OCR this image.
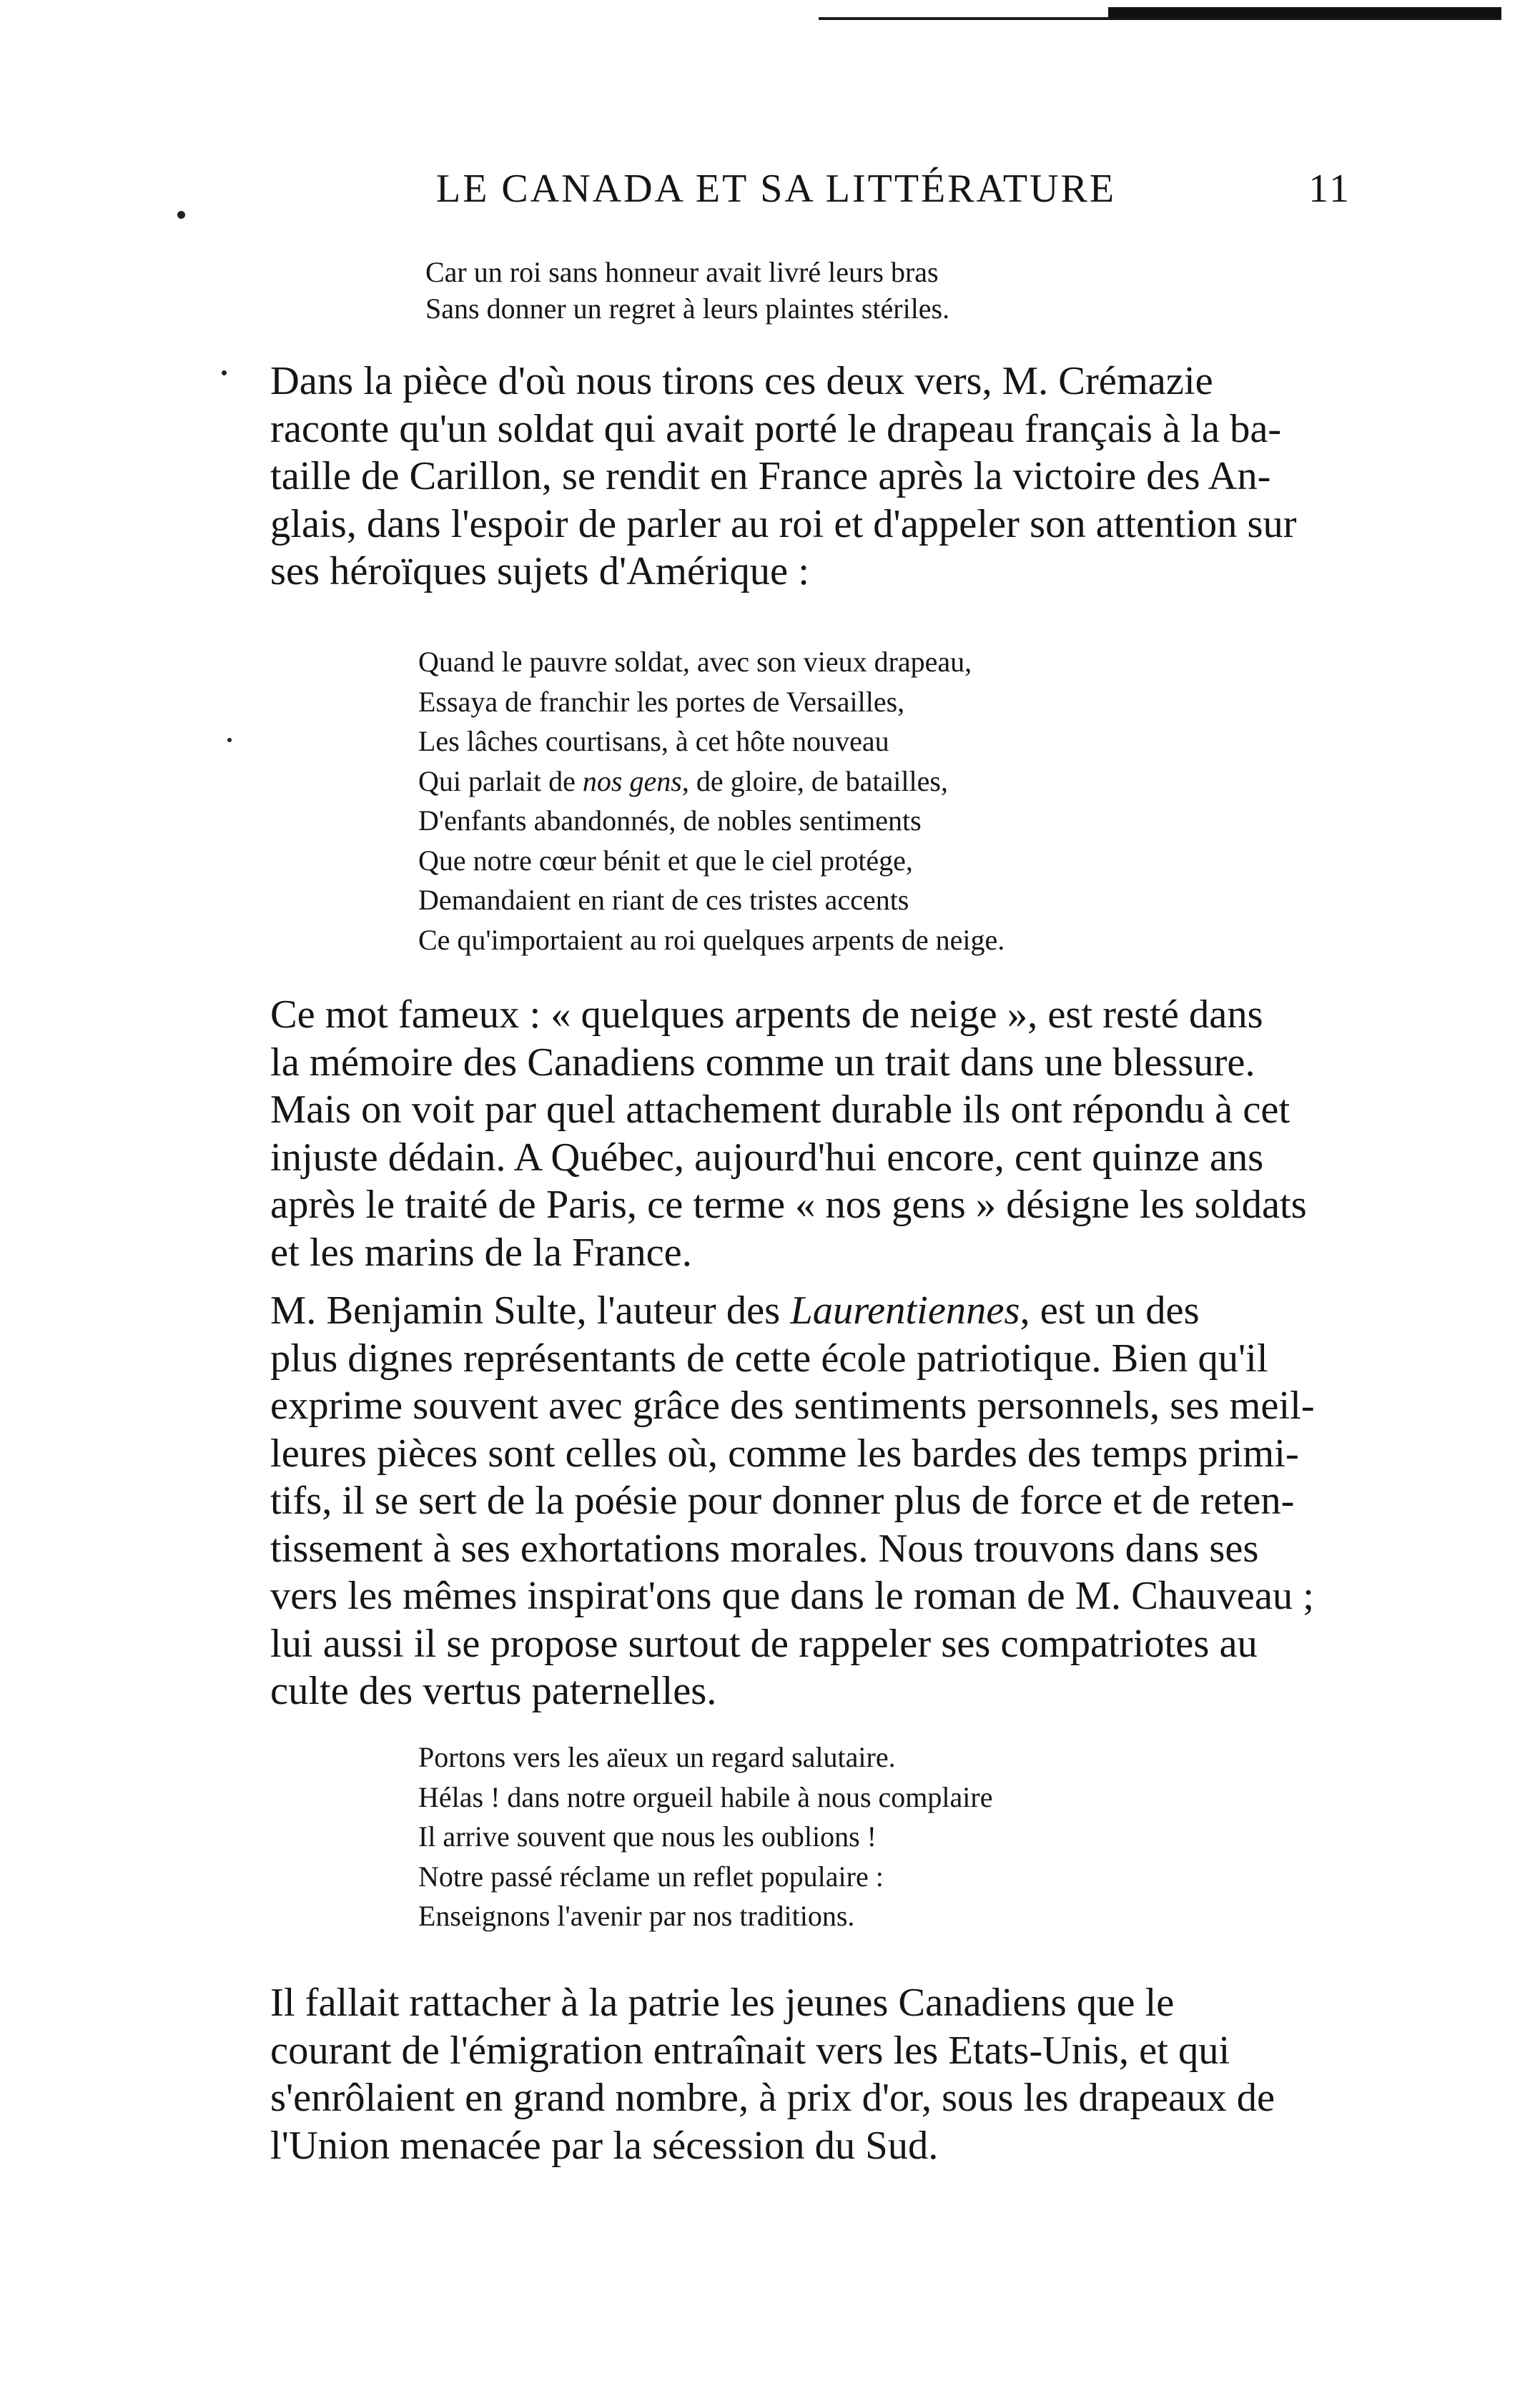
LE CANADA ET SA LITTÉRATURE	11
Car un roi sans honneur avait livré leurs bras
Sans donner un regret à leurs plaintes stériles.

Dans la pièce d'où nous tirons ces deux vers, M. Crémazie
raconte qu'un soldat qui avait porté le drapeau français à la ba-
taille de Carillon, se rendit en France après la victoire des An-
glais, dans l'espoir de parler au roi et d'appeler son attention sur
ses héroïques sujets d'Amérique :

Quand le pauvre soldat, avec son vieux drapeau,
Essaya de franchir les portes de Versailles,
Les lâches courtisans, à cet hôte nouveau
Qui parlait de nos gens, de gloire, de batailles,
D'enfants abandonnés, de nobles sentiments
Que notre cœur bénit et que le ciel protége,
Demandaient en riant de ces tristes accents
Ce qu'importaient au roi quelques arpents de neige.

Ce mot fameux : « quelques arpents de neige », est resté dans
la mémoire des Canadiens comme un trait dans une blessure.
Mais on voit par quel attachement durable ils ont répondu à cet
injuste dédain. A Québec, aujourd'hui encore, cent quinze ans
après le traité de Paris, ce terme « nos gens » désigne les soldats
et les marins de la France.

M. Benjamin Sulte, l'auteur des Laurentiennes, est un des
plus dignes représentants de cette école patriotique. Bien qu'il
exprime souvent avec grâce des sentiments personnels, ses meil-
leures pièces sont celles où, comme les bardes des temps primi-
tifs, il se sert de la poésie pour donner plus de force et de reten-
tissement à ses exhortations morales. Nous trouvons dans ses
vers les mêmes inspirat'ons que dans le roman de M. Chauveau ;
lui aussi il se propose surtout de rappeler ses compatriotes au
culte des vertus paternelles.

Portons vers les aïeux un regard salutaire.
Hélas ! dans notre orgueil habile à nous complaire
Il arrive souvent que nous les oublions !
Notre passé réclame un reflet populaire :
Enseignons l'avenir par nos traditions.

Il fallait rattacher à la patrie les jeunes Canadiens que le
courant de l'émigration entraînait vers les Etats-Unis, et qui
s'enrôlaient en grand nombre, à prix d'or, sous les drapeaux de
l'Union menacée par la sécession du Sud.
